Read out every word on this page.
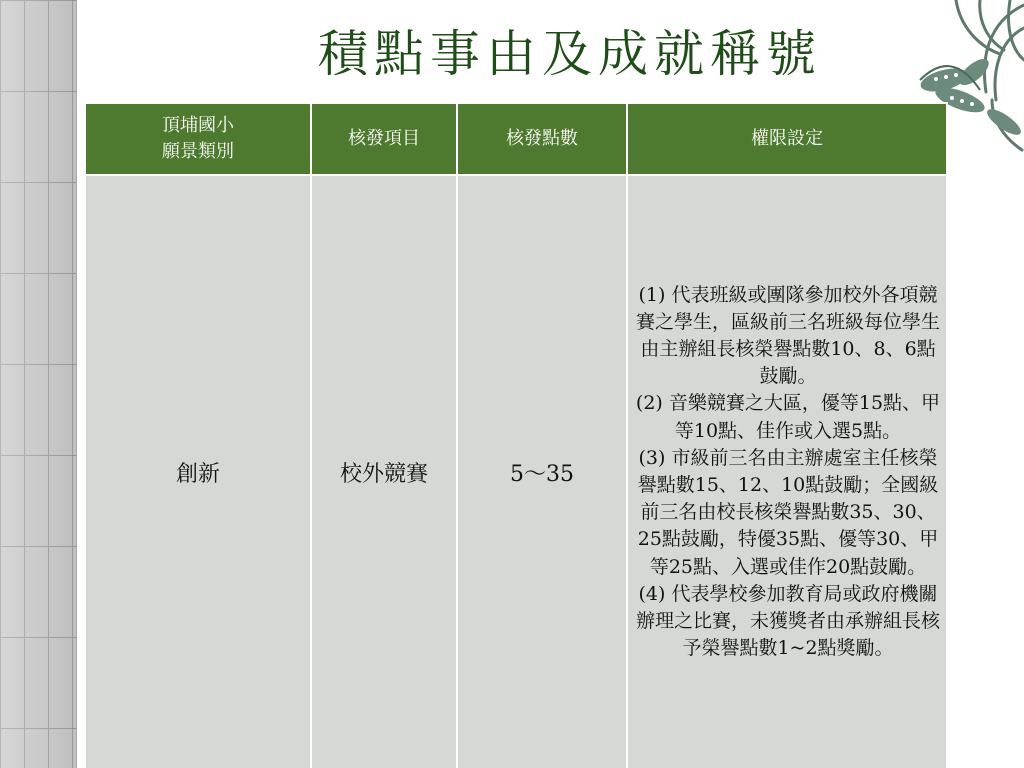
積點事由及成就稱號
頂埔國小
願景類別	核發項目	核發點數	權限設定
創新	校外競賽	5～35	(1) 代表班級或團隊參加校外各項競賽之學生，區級前三名班級每位學生由主辦組長核榮譽點數10、8、6點鼓勵。
(2) 音樂競賽之大區，優等15點、甲等10點、佳作或入選5點。
(3) 市級前三名由主辦處室主任核榮譽點數15、12、10點鼓勵；全國級前三名由校長核榮譽點數35、30、25點鼓勵，特優35點、優等30、甲等25點、入選或佳作20點鼓勵。
(4) 代表學校參加教育局或政府機關辦理之比賽，未獲獎者由承辦組長核予榮譽點數1~2點獎勵。
